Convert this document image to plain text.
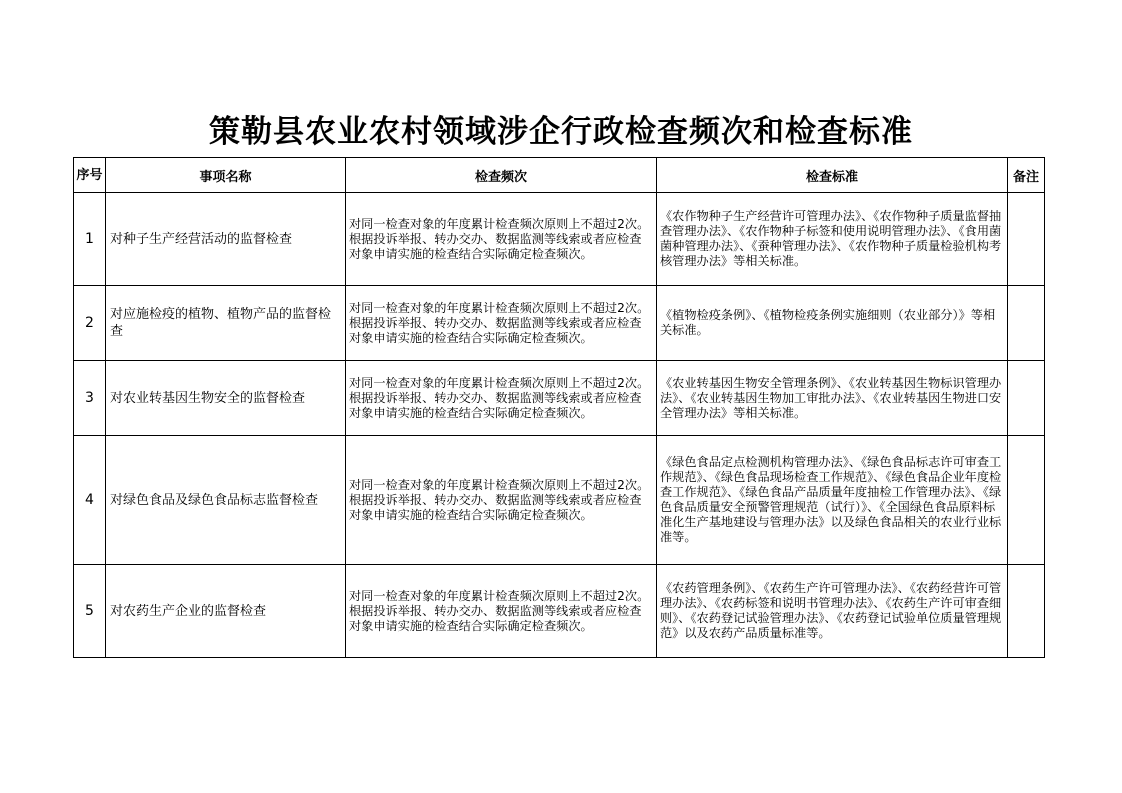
策勒县农业农村领域涉企行政检查频次和检查标准
序号	事项名称	检查频次	检查标准	备注
1	对种子生产经营活动的监督检查	对同一检查对象的年度累计检查频次原则上不超过2次。根据投诉举报、转办交办、数据监测等线索或者应检查对象申请实施的检查结合实际确定检查频次。	《农作物种子生产经营许可管理办法》、《农作物种子质量监督抽查管理办法》、《农作物种子标签和使用说明管理办法》、《食用菌菌种管理办法》、《蚕种管理办法》、《农作物种子质量检验机构考核管理办法》等相关标准。	
2	对应施检疫的植物、植物产品的监督检查	对同一检查对象的年度累计检查频次原则上不超过2次。根据投诉举报、转办交办、数据监测等线索或者应检查对象申请实施的检查结合实际确定检查频次。	《植物检疫条例》、《植物检疫条例实施细则（农业部分）》等相关标准。	
3	对农业转基因生物安全的监督检查	对同一检查对象的年度累计检查频次原则上不超过2次。根据投诉举报、转办交办、数据监测等线索或者应检查对象申请实施的检查结合实际确定检查频次。	《农业转基因生物安全管理条例》、《农业转基因生物标识管理办法》、《农业转基因生物加工审批办法》、《农业转基因生物进口安全管理办法》等相关标准。	
4	对绿色食品及绿色食品标志监督检查	对同一检查对象的年度累计检查频次原则上不超过2次。根据投诉举报、转办交办、数据监测等线索或者应检查对象申请实施的检查结合实际确定检查频次。	《绿色食品定点检测机构管理办法》、《绿色食品标志许可审查工作规范》、《绿色食品现场检查工作规范》、《绿色食品企业年度检查工作规范》、《绿色食品产品质量年度抽检工作管理办法》、《绿色食品质量安全预警管理规范（试行）》、《全国绿色食品原料标准化生产基地建设与管理办法》以及绿色食品相关的农业行业标准等。	
5	对农药生产企业的监督检查	对同一检查对象的年度累计检查频次原则上不超过2次。根据投诉举报、转办交办、数据监测等线索或者应检查对象申请实施的检查结合实际确定检查频次。	《农药管理条例》、《农药生产许可管理办法》、《农药经营许可管理办法》、《农药标签和说明书管理办法》、《农药生产许可审查细则》、《农药登记试验管理办法》、《农药登记试验单位质量管理规范》以及农药产品质量标准等。	
